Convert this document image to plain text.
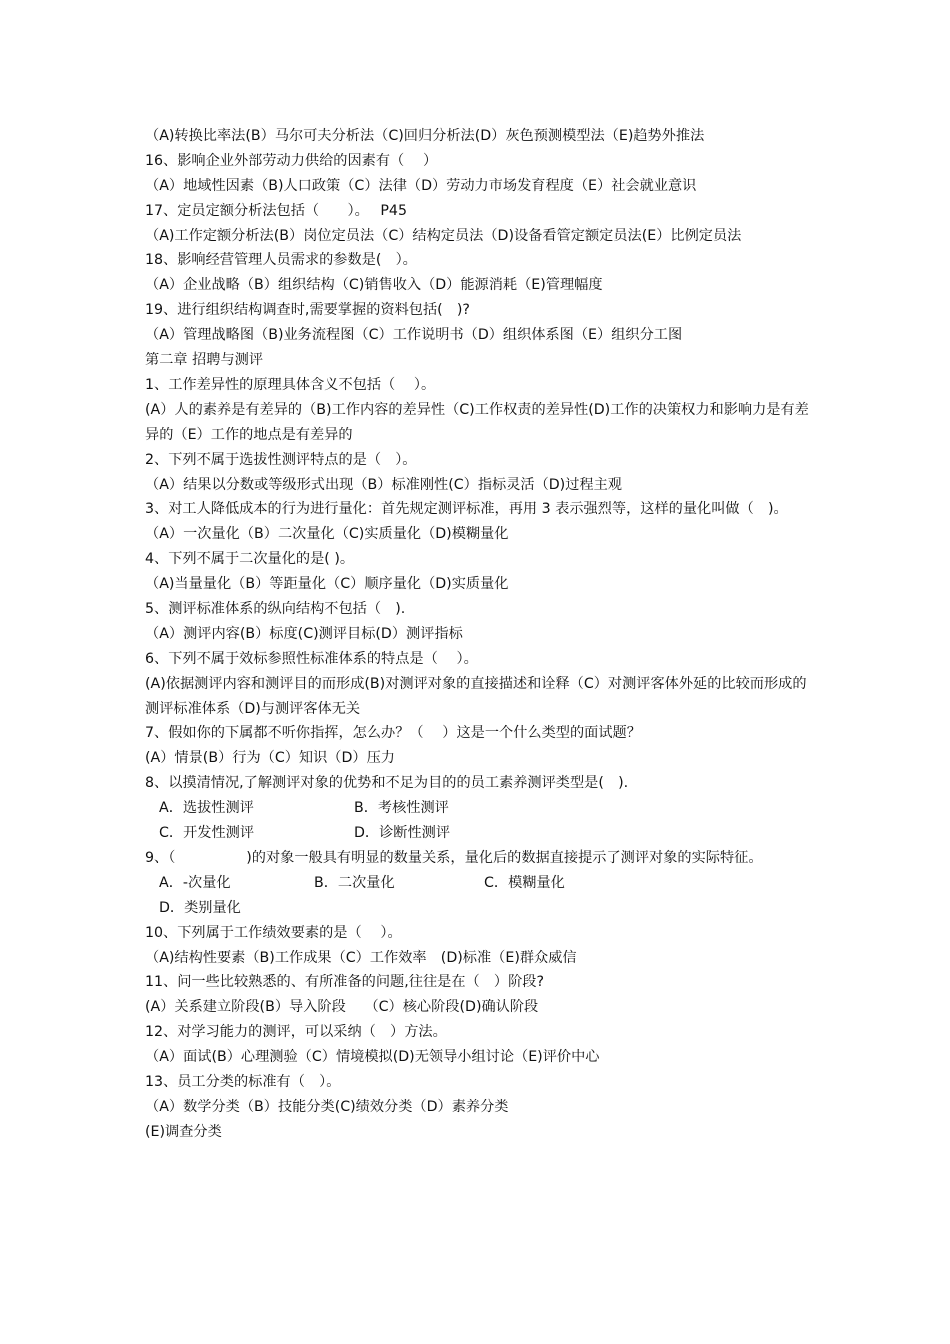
（A)转换比率法(B）马尔可夫分析法（C)回归分析法(D）灰色预测模型法（E)趋势外推法
16、影响企业外部劳动力供给的因素有（　 ）
（A）地域性因素（B)人口政策（C）法律（D）劳动力市场发育程度（E）社会就业意识
17、定员定额分析法包括（　　）。　 P45
（A)工作定额分析法(B）岗位定员法（C）结构定员法（D)设备看管定额定员法(E）比例定员法
18、影响经营管理人员需求的参数是(　）。
（A）企业战略（B）组织结构（C)销售收入（D）能源消耗（E)管理幅度
19、进行组织结构调查时,需要掌握的资料包括(　)?
（A）管理战略图（B)业务流程图（C）工作说明书（D）组织体系图（E）组织分工图
第二章 招聘与测评
1、工作差异性的原理具体含义不包括（　 ）。
(A）人的素养是有差异的（B)工作内容的差异性（C)工作权责的差异性(D)工作的决策权力和影响力是有差异的（E）工作的地点是有差异的
2、下列不属于选拔性测评特点的是（　）。
（A）结果以分数或等级形式出现（B）标准刚性(C）指标灵活（D)过程主观
3、对工人降低成本的行为进行量化：首先规定测评标准，再用 3 表示强烈等，这样的量化叫做（　)。
（A）一次量化（B）二次量化（C)实质量化（D)模糊量化
4、下列不属于二次量化的是( )。
（A)当量量化（B）等距量化（C）顺序量化（D)实质量化
5、测评标准体系的纵向结构不包括（　).
（A）测评内容(B）标度(C)测评目标(D）测评指标
6、下列不属于效标参照性标准体系的特点是（　 ）。
(A)依据测评内容和测评目的而形成(B)对测评对象的直接描述和诠释（C）对测评客体外延的比较而形成的测评标准体系（D)与测评客体无关
7、假如你的下属都不听你指挥，怎么办？（　 ）这是一个什么类型的面试题？
(A）情景(B）行为（C）知识（D）压力
8、以摸清情况,了解测评对象的优势和不足为目的的员工素养测评类型是(　).
A．选拔性测评	B．考核性测评
C．开发性测评	D．诊断性测评
9、（　　　　　)的对象一般具有明显的数量关系，量化后的数据直接提示了测评对象的实际特征。
A．-次量化	B．二次量化	C．模糊量化
D．类别量化
10、下列属于工作绩效要素的是（　 ）。
（A)结构性要素（B)工作成果（C）工作效率　(D)标准（E)群众威信
11、问一些比较熟悉的、有所准备的问题,往往是在（　）阶段?
(A）关系建立阶段(B）导入阶段　 （C）核心阶段(D)确认阶段
12、对学习能力的测评，可以采纳（　）方法。
（A）面试(B）心理测验（C）情境模拟(D)无领导小组讨论（E)评价中心
13、员工分类的标准有（　）。
（A）数学分类（B）技能分类(C)绩效分类（D）素养分类
(E)调查分类
